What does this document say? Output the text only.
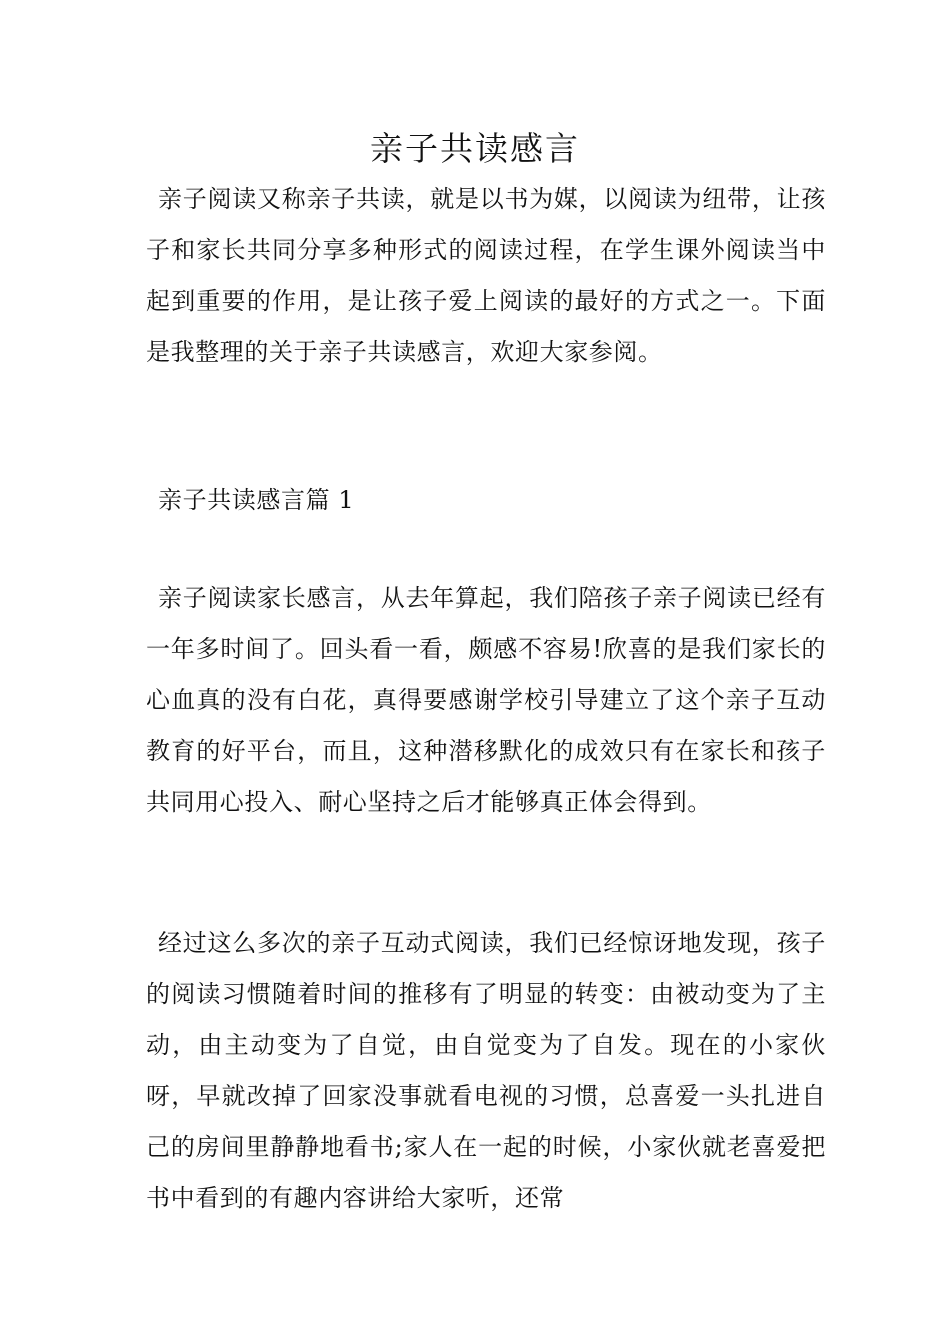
亲子共读感言

亲子阅读又称亲子共读，就是以书为媒，以阅读为纽带，让孩子和家长共同分享多种形式的阅读过程，在学生课外阅读当中起到重要的作用，是让孩子爱上阅读的最好的方式之一。下面是我整理的关于亲子共读感言，欢迎大家参阅。

亲子共读感言篇 1

亲子阅读家长感言，从去年算起，我们陪孩子亲子阅读已经有一年多时间了。回头看一看，颇感不容易!欣喜的是我们家长的心血真的没有白花，真得要感谢学校引导建立了这个亲子互动教育的好平台，而且，这种潜移默化的成效只有在家长和孩子共同用心投入、耐心坚持之后才能够真正体会得到。

经过这么多次的亲子互动式阅读，我们已经惊讶地发现，孩子的阅读习惯随着时间的推移有了明显的转变：由被动变为了主动，由主动变为了自觉，由自觉变为了自发。现在的小家伙呀，早就改掉了回家没事就看电视的习惯，总喜爱一头扎进自己的房间里静静地看书;家人在一起的时候，小家伙就老喜爱把书中看到的有趣内容讲给大家听，还常
